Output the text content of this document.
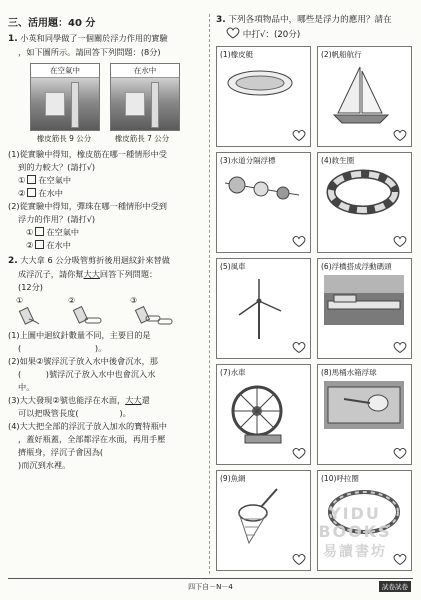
三、活用題：40 分
1. 小英和同學做了一個關於浮力作用的實驗
，如下圖所示。請回答下列問題：(8分)
在空氣中	在水中
橡皮筋長 9 公分	橡皮筋長 7 公分
(1)從實驗中得知，橡皮筋在哪一種情形中受
到的力較大？(請打√)
① 在空氣中
② 在水中
(2)從實驗中得知，彈珠在哪一種情形中受到
浮力的作用？(請打√)
① 在空氣中
② 在水中
2. 大大拿 6 公分吸管剪折後用迴紋針來替做
成浮沉子，請你幫大大回答下列問題：
(12分)
①	②	③
(1)上圖中迴紋針數量不同，主要目的是
(　　　　　　　　　)。
(2)如果②號浮沉子放入水中後會沉水，那
(　　　)號浮沉子放入水中也會沉入水
中。
(3)大大發現②號也能浮在水面，大大還
可以把吸管長度(　　　　　)。
(4)大大把全部的浮沉子放入加水的寶特瓶中
，蓋好瓶蓋，全部都浮在水面，再用手壓
擠瓶身，浮沉子會因為(　　　　　
)而沉到水裡。
3. 下列各項物品中，哪些是浮力的應用？請在
中打√：(20分)
(1)橡皮艇	(2)帆船航行
(3)水道分隔浮標	(4)救生圈
(5)風車	(6)浮橋搭成浮動碼頭
(7)水車	(8)馬桶水箱浮球
(9)魚網	(10)呼拉圈
YIDU BOOKS
易讀書坊
四下自－N－4	試卷試卷
